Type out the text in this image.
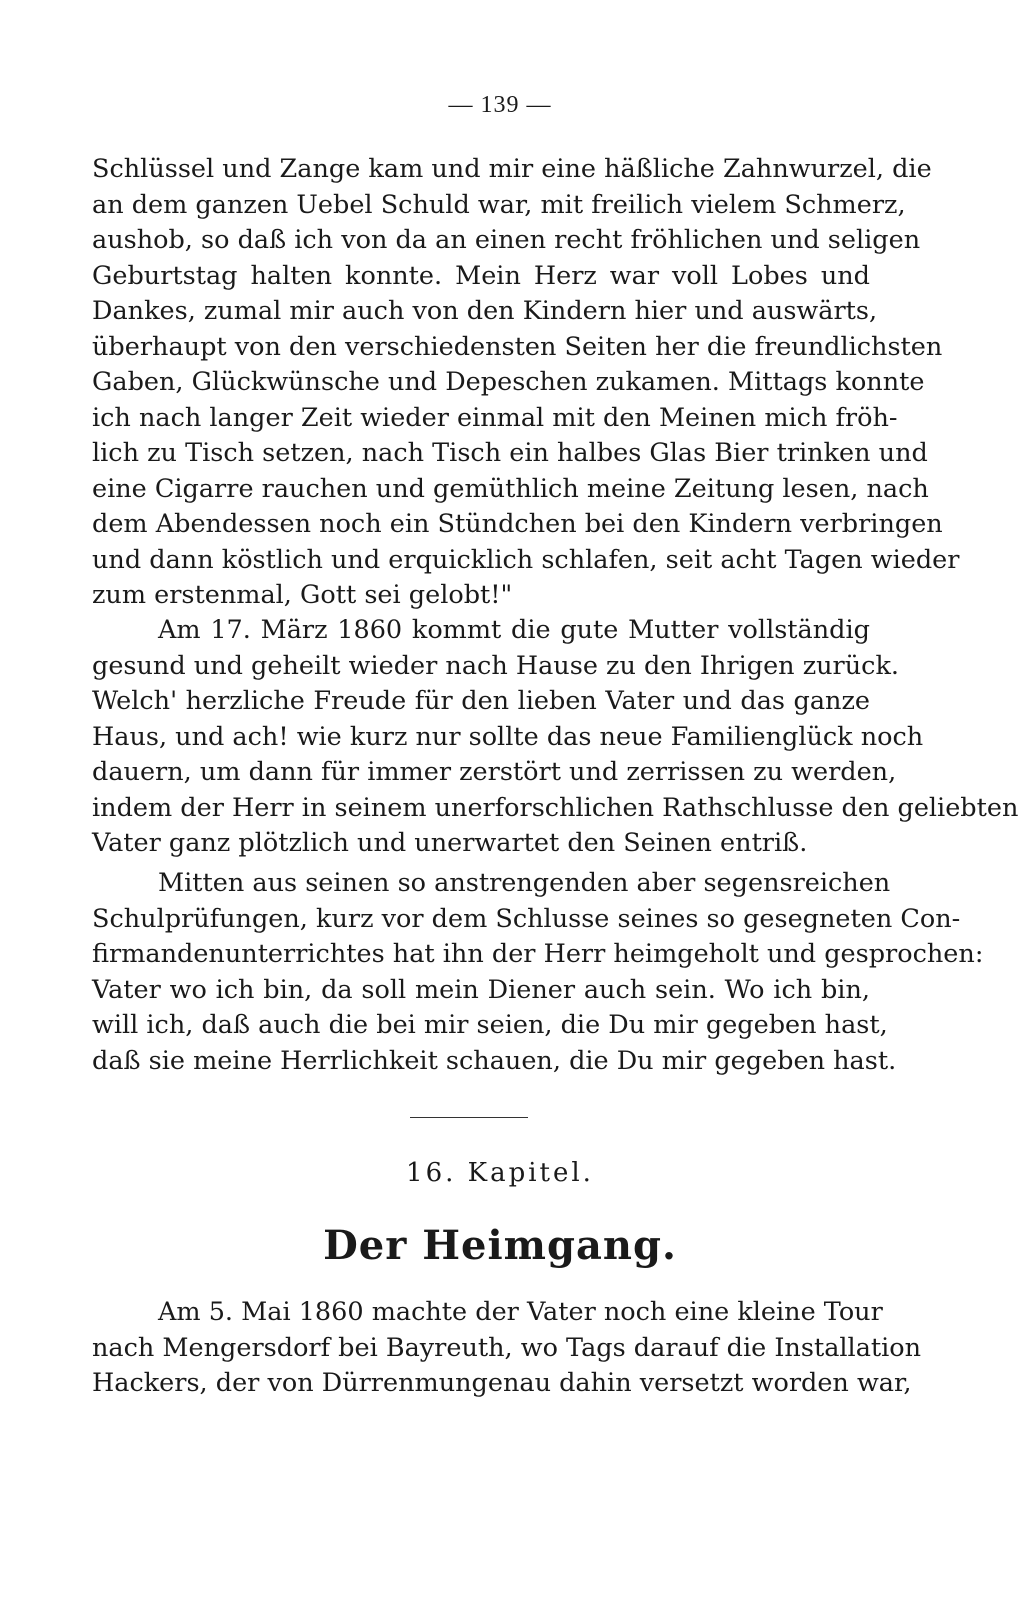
— 139 —
Schlüssel und Zange kam und mir eine häßliche Zahnwurzel, die
an dem ganzen Uebel Schuld war, mit freilich vielem Schmerz,
aushob, so daß ich von da an einen recht fröhlichen und seligen
Geburtstag halten konnte. Mein Herz war voll Lobes und
Dankes, zumal mir auch von den Kindern hier und auswärts,
überhaupt von den verschiedensten Seiten her die freundlichsten
Gaben, Glückwünsche und Depeschen zukamen. Mittags konnte
ich nach langer Zeit wieder einmal mit den Meinen mich fröh-
lich zu Tisch setzen, nach Tisch ein halbes Glas Bier trinken und
eine Cigarre rauchen und gemüthlich meine Zeitung lesen, nach
dem Abendessen noch ein Stündchen bei den Kindern verbringen
und dann köstlich und erquicklich schlafen, seit acht Tagen wieder
zum erstenmal, Gott sei gelobt!"
Am 17. März 1860 kommt die gute Mutter vollständig
gesund und geheilt wieder nach Hause zu den Ihrigen zurück.
Welch' herzliche Freude für den lieben Vater und das ganze
Haus, und ach! wie kurz nur sollte das neue Familienglück noch
dauern, um dann für immer zerstört und zerrissen zu werden,
indem der Herr in seinem unerforschlichen Rathschlusse den geliebten
Vater ganz plötzlich und unerwartet den Seinen entriß.
Mitten aus seinen so anstrengenden aber segensreichen
Schulprüfungen, kurz vor dem Schlusse seines so gesegneten Con-
firmandenunterrichtes hat ihn der Herr heimgeholt und gesprochen:
Vater wo ich bin, da soll mein Diener auch sein. Wo ich bin,
will ich, daß auch die bei mir seien, die Du mir gegeben hast,
daß sie meine Herrlichkeit schauen, die Du mir gegeben hast.
16. Kapitel.
Der Heimgang.
Am 5. Mai 1860 machte der Vater noch eine kleine Tour
nach Mengersdorf bei Bayreuth, wo Tags darauf die Installation
Hackers, der von Dürrenmungenau dahin versetzt worden war,
